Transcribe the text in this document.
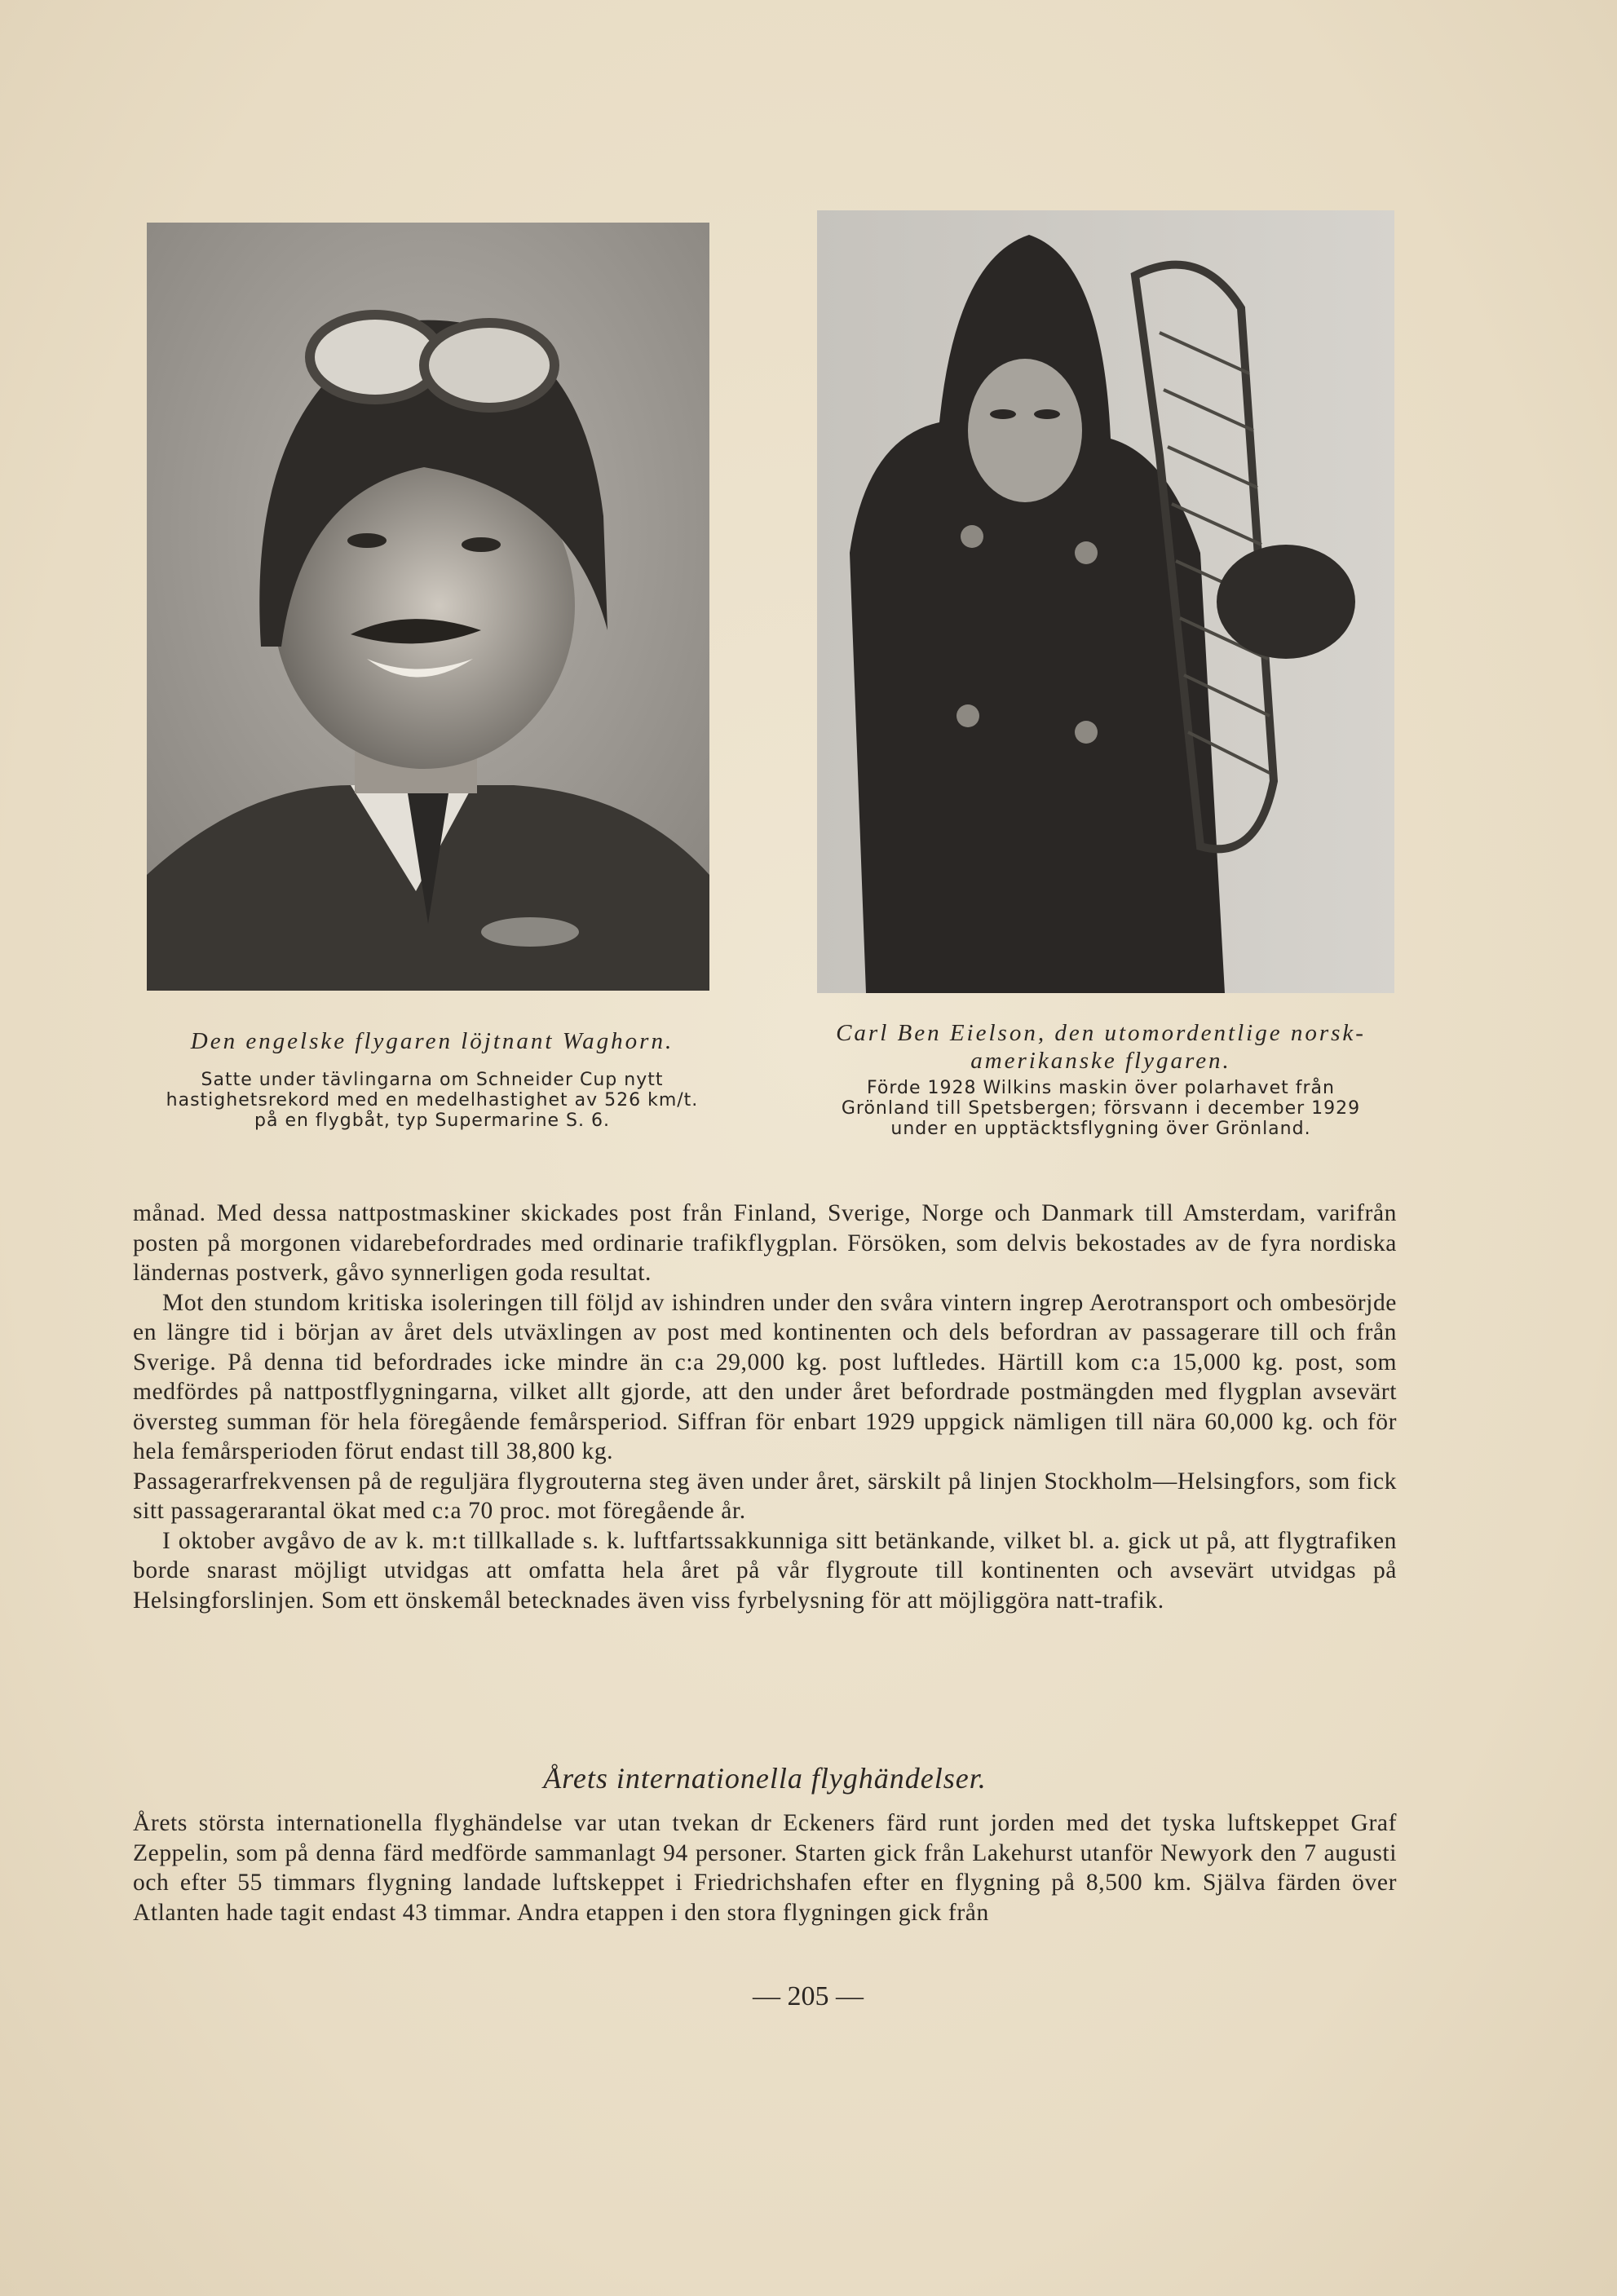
Den engelske flygaren löjtnant Waghorn.
Satte under tävlingarna om Schneider Cup nytt
hastighetsrekord med en medelhastighet av 526 km/t.
på en flygbåt, typ Supermarine S. 6.
Carl Ben Eielson, den utomordentlige norsk-
amerikanske flygaren.
Förde 1928 Wilkins maskin över polarhavet från
Grönland till Spetsbergen; försvann i december 1929
under en upptäcktsflygning över Grönland.

månad. Med dessa nattpostmaskiner skickades post från Finland, Sverige, Norge och Danmark till Amsterdam, varifrån posten på morgonen vidarebefordrades med ordinarie trafikflygplan. Försöken, som delvis bekostades av de fyra nordiska ländernas postverk, gåvo synnerligen goda resultat.

Mot den stundom kritiska isoleringen till följd av ishindren under den svåra vintern ingrep Aerotransport och ombesörjde en längre tid i början av året dels utväxlingen av post med kontinenten och dels befordran av passagerare till och från Sverige. På denna tid befordrades icke mindre än c:a 29,000 kg. post luftledes. Härtill kom c:a 15,000 kg. post, som medfördes på nattpostflygningarna, vilket allt gjorde, att den under året befordrade postmängden med flygplan avsevärt översteg summan för hela föregående femårsperiod. Siffran för enbart 1929 uppgick nämligen till nära 60,000 kg. och för hela femårsperioden förut endast till 38,800 kg.

Passagerarfrekvensen på de reguljära flygrouterna steg även under året, särskilt på linjen Stockholm—Helsingfors, som fick sitt passagerarantal ökat med c:a 70 proc. mot föregående år.

I oktober avgåvo de av k. m:t tillkallade s. k. luftfartssakkunniga sitt betänkande, vilket bl. a. gick ut på, att flygtrafiken borde snarast möjligt utvidgas att omfatta hela året på vår flygroute till kontinenten och avsevärt utvidgas på Helsingforslinjen. Som ett önskemål betecknades även viss fyrbelysning för att möjliggöra natt-trafik.

Årets internationella flyghändelser.

Årets största internationella flyghändelse var utan tvekan dr Eckeners färd runt jorden med det tyska luftskeppet Graf Zeppelin, som på denna färd medförde sammanlagt 94 personer. Starten gick från Lakehurst utanför Newyork den 7 augusti och efter 55 timmars flygning landade luftskeppet i Friedrichshafen efter en flygning på 8,500 km. Själva färden över Atlanten hade tagit endast 43 timmar. Andra etappen i den stora flygningen gick från

— 205 —
